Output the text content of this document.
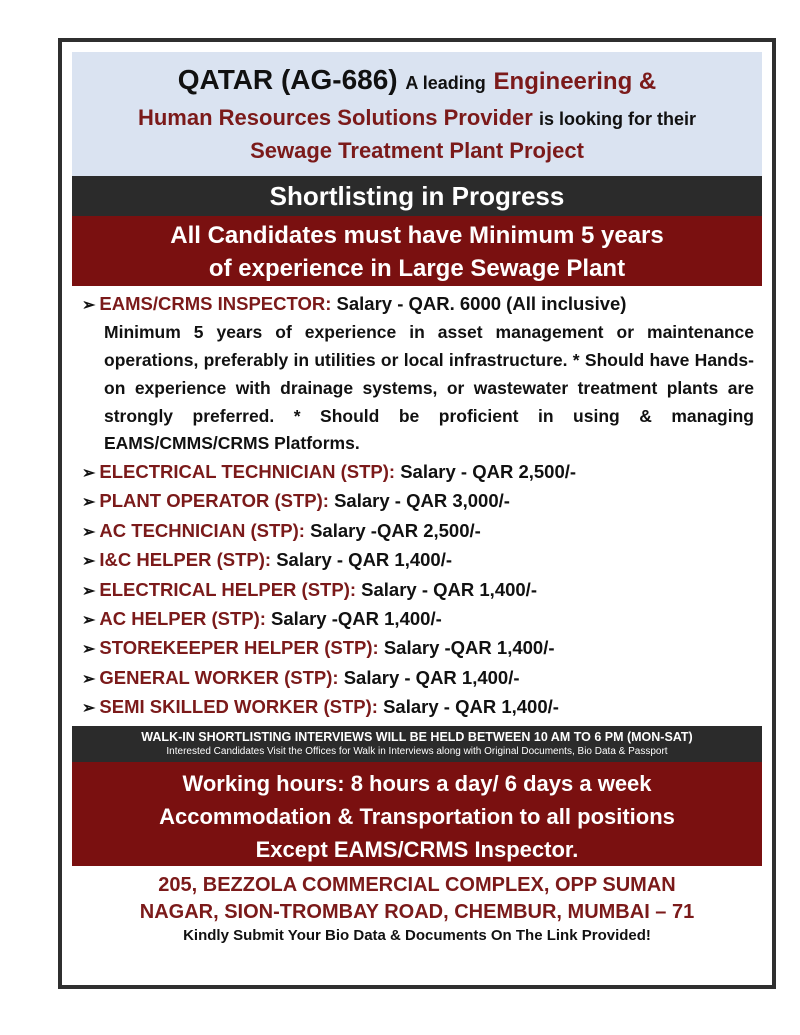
QATAR (AG-686) A leading Engineering &
Human Resources Solutions Provider is looking for their
Sewage Treatment Plant Project
Shortlisting in Progress
All Candidates must have Minimum 5 years
of experience in Large Sewage Plant
➢ EAMS/CRMS INSPECTOR: Salary - QAR. 6000 (All inclusive)
Minimum 5 years of experience in asset management or maintenance operations, preferably in utilities or local infrastructure. * Should have Hands-on experience with drainage systems, or wastewater treatment plants are strongly preferred. * Should be proficient in using & managing EAMS/CMMS/CRMS Platforms.
➢ ELECTRICAL TECHNICIAN (STP): Salary - QAR 2,500/-
➢ PLANT OPERATOR (STP): Salary - QAR 3,000/-
➢ AC TECHNICIAN (STP): Salary -QAR 2,500/-
➢ I&C HELPER (STP): Salary - QAR 1,400/-
➢ ELECTRICAL HELPER (STP): Salary - QAR 1,400/-
➢ AC HELPER (STP): Salary -QAR 1,400/-
➢ STOREKEEPER HELPER (STP): Salary -QAR 1,400/-
➢ GENERAL WORKER (STP): Salary - QAR 1,400/-
➢ SEMI SKILLED WORKER (STP): Salary - QAR 1,400/-
WALK-IN SHORTLISTING INTERVIEWS WILL BE HELD BETWEEN 10 AM TO 6 PM (MON-SAT)
Interested Candidates Visit the Offices for Walk in Interviews along with Original Documents, Bio Data & Passport
Working hours: 8 hours a day/ 6 days a week
Accommodation & Transportation to all positions
Except EAMS/CRMS Inspector.
205, BEZZOLA COMMERCIAL COMPLEX, OPP SUMAN
NAGAR, SION-TROMBAY ROAD, CHEMBUR, MUMBAI – 71
Kindly Submit Your Bio Data & Documents On The Link Provided!
